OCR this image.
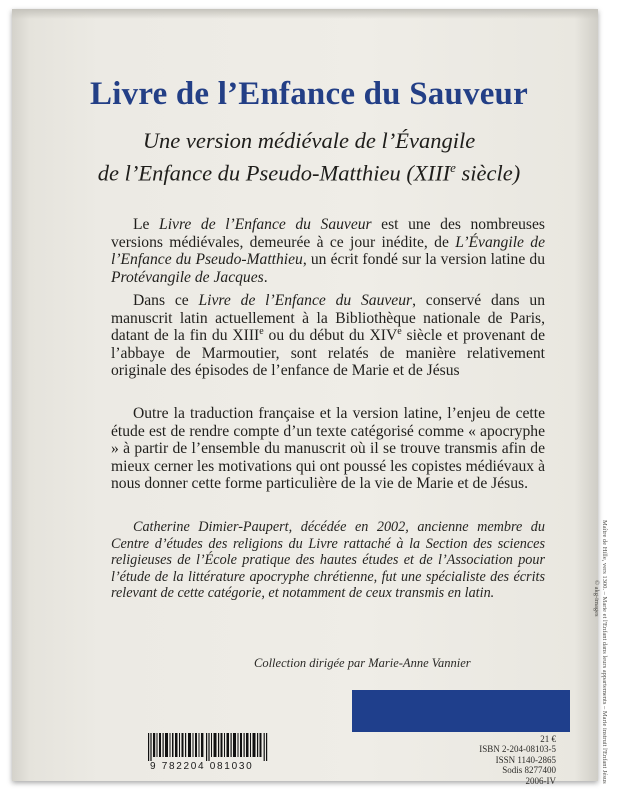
Livre de l’Enfance du Sauveur
Une version médiévale de l’Évangile
de l’Enfance du Pseudo-Matthieu (XIIIe siècle)

Le Livre de l’Enfance du Sauveur est une des nombreuses versions médiévales, demeurée à ce jour inédite, de L’Évangile de l’Enfance du Pseudo-Matthieu, un écrit fondé sur la version latine du Protévangile de Jacques.

Dans ce Livre de l’Enfance du Sauveur, conservé dans un manuscrit latin actuellement à la Bibliothèque nationale de Paris, datant de la fin du XIIIe ou du début du XIVe siècle et provenant de l’abbaye de Marmoutier, sont relatés de manière relativement originale des épisodes de l’enfance de Marie et de Jésus

Outre la traduction française et la version latine, l’enjeu de cette étude est de rendre compte d’un texte catégorisé comme « apocryphe » à partir de l’ensemble du manuscrit où il se trouve transmis afin de mieux cerner les motivations qui ont poussé les copistes médiévaux à nous donner cette forme particulière de la vie de Marie et de Jésus.

Catherine Dimier-Paupert, décédée en 2002, ancienne membre du Centre d’études des religions du Livre rattaché à la Section des sciences religieuses de l’École pratique des hautes études et de l’Association pour l’étude de la littérature apocryphe chrétienne, fut une spécialiste des écrits relevant de cette catégorie, et notamment de ceux transmis en latin.

Collection dirigée par Marie-Anne Vannier	Maître de Hille, vers 1300. – Marie et l'Enfant dans leurs appartements – Marie instruit l'Enfant Jésus
© akg-images
21 €
ISBN 2-204-08103-5
ISSN 1140-2865
Sodis 8277400
2006-IV
9 782204 081030
